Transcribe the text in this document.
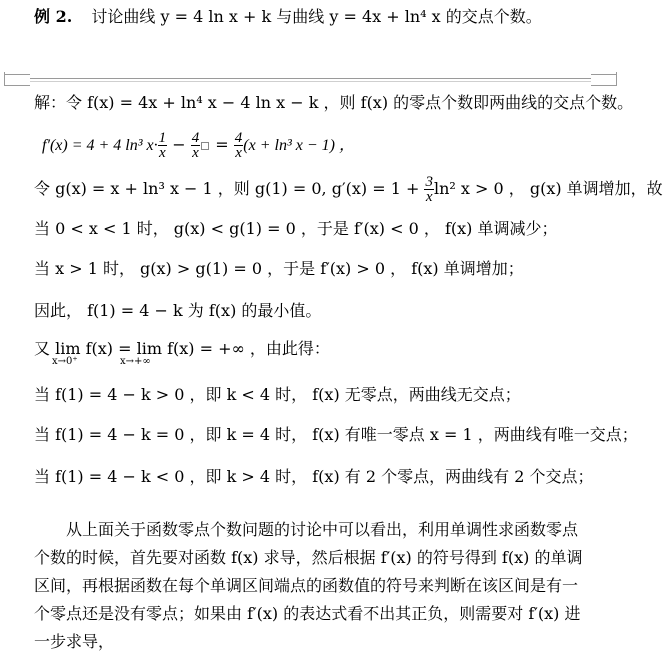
例 2. 讨论曲线 y = 4 ln x + k 与曲线 y = 4x + ln⁴ x 的交点个数。
解：令 f(x) = 4x + ln⁴ x − 4 ln x − k ，则 f(x) 的零点个数即两曲线的交点个数。
f′(x) = 4 + 4 ln³ $x\cdot \frac{1}{x} - \frac{4}{x} = \frac{4}{x} (x + \ln^3$ x − 1) ，
令 g(x) = x + ln³ x − 1 ，则 g(1) = 0, $g'(x) = 1 + \frac{3}{x} \ln^2$ x > 0 ， g(x) 单调增加，故
当 0 < x < 1 时， g(x) < g(1) = 0 ，于是 f′(x) < 0 ， f(x) 单调减少；
当 x > 1 时， g(x) > g(1) = 0 ，于是 f′(x) > 0 ， f(x) 单调增加；
因此， f(1) = 4 − k 为 f(x) 的最小值。
又 lim f(x) = lim f(x) = +∞ ，由此得：
x→0⁺	x→+∞
当 f(1) = 4 − k > 0 ，即 k < 4 时， f(x) 无零点，两曲线无交点；
当 f(1) = 4 − k = 0 ，即 k = 4 时， f(x) 有唯一零点 x = 1 ，两曲线有唯一交点；
当 f(1) = 4 − k < 0 ，即 k > 4 时， f(x) 有 2 个零点，两曲线有 2 个交点；
从上面关于函数零点个数问题的讨论中可以看出，利用单调性求函数零点个数的时候，首先要对函数 f(x) 求导，然后根据 f′(x) 的符号得到 f(x) 的单调区间，再根据函数在每个单调区间端点的函数值的符号来判断在该区间是有一个零点还是没有零点；如果由 f′(x) 的表达式看不出其正负，则需要对 f′(x) 进一步求导，
